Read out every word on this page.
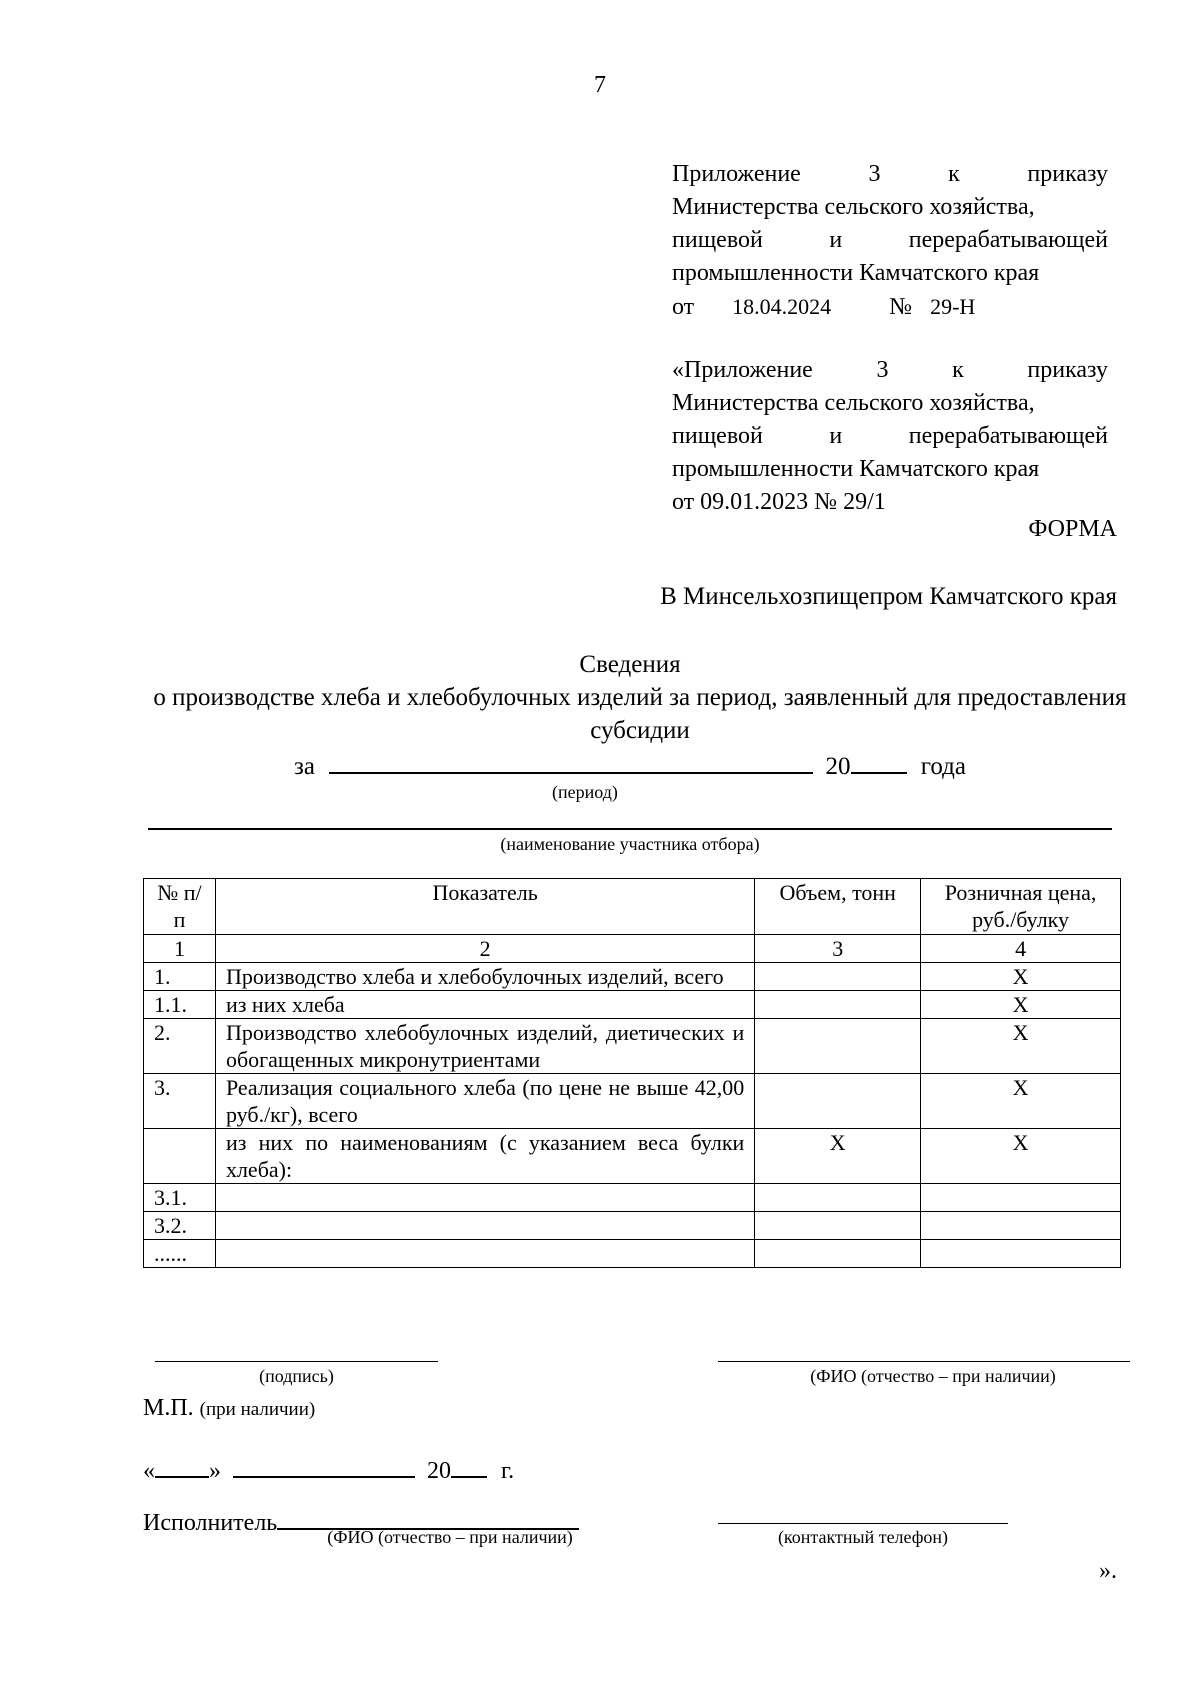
7
Приложение 3 к приказу
Министерства сельского хозяйства,
пищевой и перерабатывающей
промышленности Камчатского края
от 18.04.2024 № 29-Н
«Приложение 3 к приказу
Министерства сельского хозяйства,
пищевой и перерабатывающей
промышленности Камчатского края
от 09.01.2023 № 29/1
ФОРМА
В Минсельхозпищепром Камчатского края
Сведения
о производстве хлеба и хлебобулочных изделий за период, заявленный для предоставления субсидии
за	20	года
(период)
(наименование участника отбора)
№ п/п	Показатель	Объем, тонн	Розничная цена, руб./булку
1	2	3	4
1.	Производство хлеба и хлебобулочных изделий, всего		Х
1.1.	из них хлеба		Х
2.	Производство хлебобулочных изделий, диетических и обогащенных микронутриентами		Х
3.	Реализация социального хлеба (по цене не выше 42,00 руб./кг), всего		Х
	из них по наименованиям (с указанием веса булки хлеба):	Х	Х
3.1.			
3.2.			
......			
(подпись)	(ФИО (отчество – при наличии)
М.П. (при наличии)
« »	20 г.
Исполнитель
(ФИО (отчество – при наличии)	(контактный телефон)
».
